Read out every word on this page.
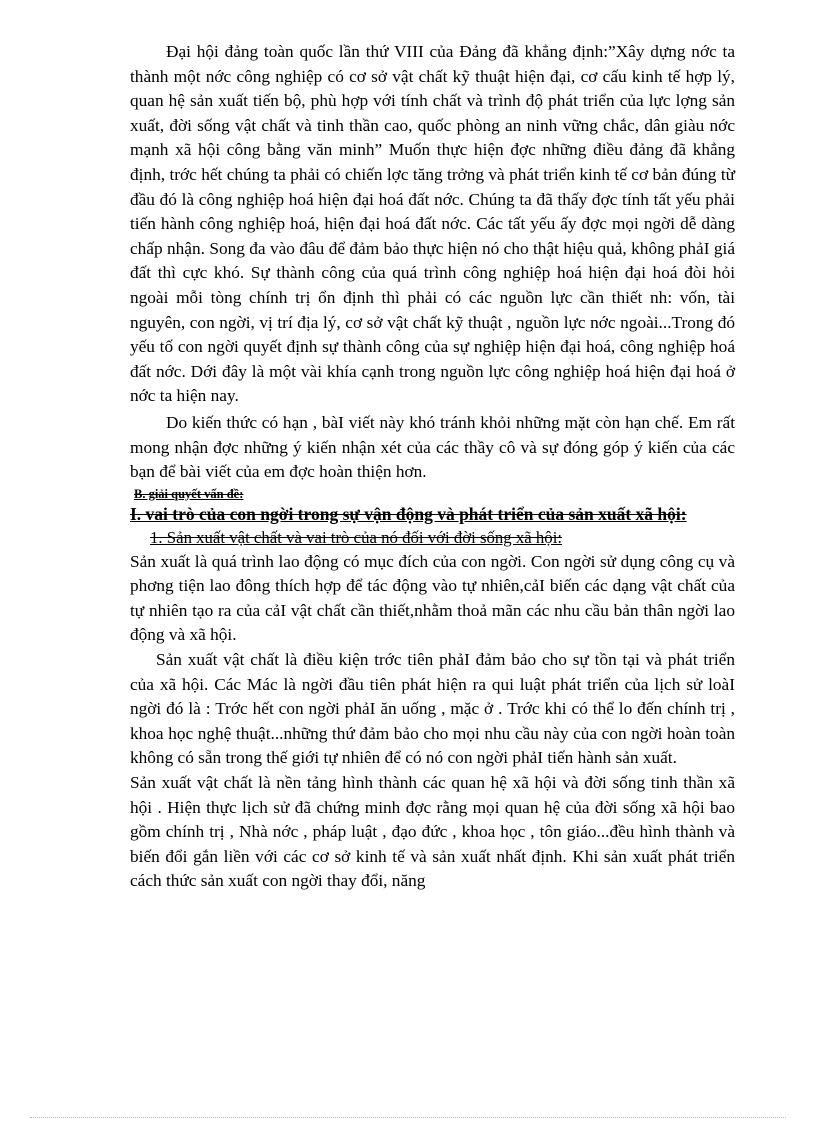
Đại hội đảng toàn quốc lần thứ VIII của Đảng đã khẳng định:”Xây dựng nớc ta thành một nớc công nghiệp có cơ sở vật chất kỹ thuật hiện đại, cơ cấu kinh tế hợp lý, quan hệ sản xuất tiến bộ, phù hợp với tính chất và trình độ phát triển của lực lợng sản xuất, đời sống vật chất và tinh thần cao, quốc phòng an ninh vững chắc, dân giàu nớc mạnh xã hội công bằng văn minh” Muốn thực hiện đợc những điều đảng đã khẳng định, trớc hết chúng ta phải có chiến lợc tăng trởng và phát triển kinh tế cơ bản đúng từ đầu đó là công nghiệp hoá hiện đại hoá đất nớc. Chúng ta đã thấy đợc tính tất yếu phải tiến hành công nghiệp hoá, hiện đại hoá đất nớc. Các tất yếu ấy đợc mọi ngời dễ dàng chấp nhận. Song đa vào đâu để đảm bảo thực hiện nó cho thật hiệu quả, không phảI giá đất thì cực khó. Sự thành công của quá trình công nghiệp hoá hiện đại hoá đòi hỏi ngoài mỗi tòng chính trị ổn định thì phải có các nguồn lực cần thiết nh: vốn, tài nguyên, con ngời, vị trí địa lý, cơ sở vật chất kỹ thuật , nguồn lực nớc ngoài...Trong đó yếu tố con ngời quyết định sự thành công của sự nghiệp hiện đại hoá, công nghiệp hoá đất nớc. Dới đây là một vài khía cạnh trong nguồn lực công nghiệp hoá hiện đại hoá ở nớc ta hiện nay.

Do kiến thức có hạn , bàI viết này khó tránh khỏi những mặt còn hạn chế. Em rất mong nhận đợc những ý kiến nhận xét của các thầy cô và sự đóng góp ý kiến của các bạn để bài viết của em đợc hoàn thiện hơn.

B. giải quyết vấn đề:
I. vai trò của con ngời trong sự vận động và phát triển của sản xuất xã hội:
1. Sản xuất vật chất và vai trò của nó đối với đời sống xã hội:

Sản xuất là quá trình lao động có mục đích của con ngời. Con ngời sử dụng công cụ và phơng tiện lao đông thích hợp để tác động vào tự nhiên,cảI biến các dạng vật chất của tự nhiên tạo ra của cảI vật chất cần thiết,nhằm thoả mãn các nhu cầu bản thân ngời lao động và xã hội.

Sản xuất vật chất là điều kiện trớc tiên phảI đảm bảo cho sự tồn tại và phát triển của xã hội. Các Mác là ngời đầu tiên phát hiện ra qui luật phát triển của lịch sử loàI ngời đó là : Trớc hết con ngời phảI ăn uống , mặc ở . Trớc khi có thể lo đến chính trị , khoa học nghệ thuật...những thứ đảm bảo cho mọi nhu cầu này của con ngời hoàn toàn không có sẵn trong thế giới tự nhiên để có nó con ngời phảI tiến hành sản xuất.

Sản xuất vật chất là nền tảng hình thành các quan hệ xã hội và đời sống tinh thần xã hội . Hiện thực lịch sử đã chứng minh đợc rằng mọi quan hệ của đời sống xã hội bao gồm chính trị , Nhà nớc , pháp luật , đạo đức , khoa học , tôn giáo...đều hình thành và biến đổi gắn liền với các cơ sở kinh tế và sản xuất nhất định. Khi sản xuất phát triển cách thức sản xuất con ngời thay đổi, năng
